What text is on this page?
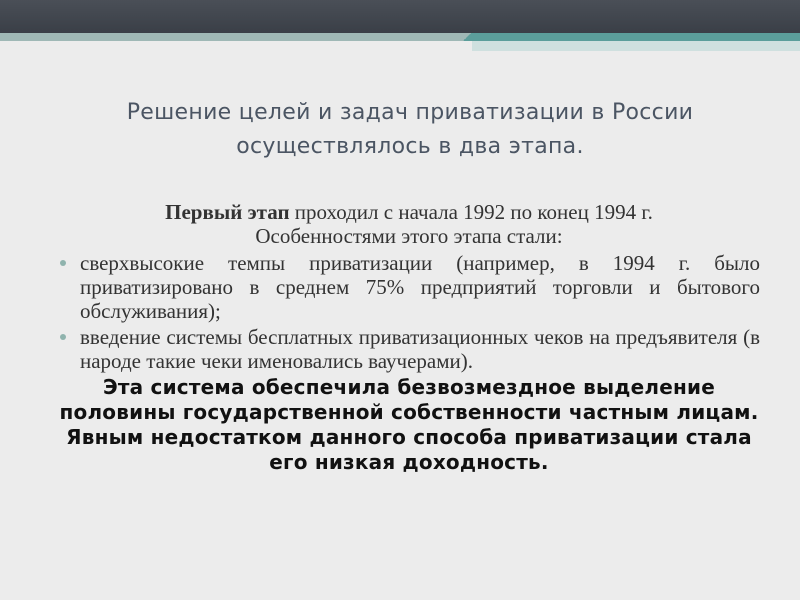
Решение целей и задач приватизации в России
осуществлялось в два этапа.
Первый этап проходил с начала 1992 по конец 1994 г.
Особенностями этого этапа стали:
сверхвысокие темпы приватизации (например, в 1994 г. было приватизировано в среднем 75% предприятий торговли и бытового обслуживания);
введение системы бесплатных приватизационных чеков на предъявителя (в народе такие чеки именовались ваучерами).
Эта система обеспечила безвозмездное выделение половины государственной собственности частным лицам. Явным недостатком данного способа приватизации стала его низкая доходность.
